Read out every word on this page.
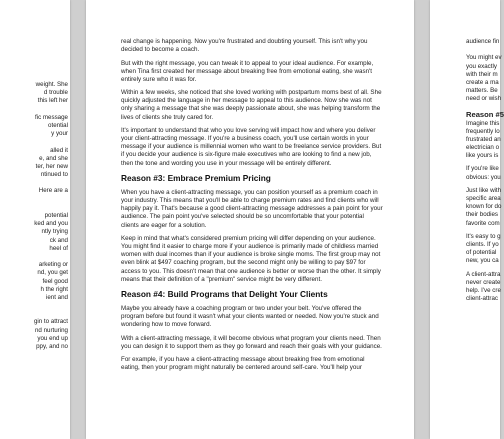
weight. She
d trouble
this left her
fic message
otential
y your
alled it
e, and she
ter, her new
ntinued to
Here are a
potential
ked and you
ntly trying
ck and
heel of
arketing or
nd, you get
feel good
h the right
ient and
gin to attract
nd nurturing
you end up
ppy, and no

real change is happening. Now you're frustrated and doubting yourself. This isn't why you decided to become a coach.

But with the right message, you can tweak it to appeal to your ideal audience. For example, when Tina first created her message about breaking free from emotional eating, she wasn't entirely sure who it was for.

Within a few weeks, she noticed that she loved working with postpartum moms best of all. She quickly adjusted the language in her message to appeal to this audience. Now she was not only sharing a message that she was deeply passionate about, she was helping transform the lives of clients she truly cared for.

It's important to understand that who you love serving will impact how and where you deliver your client-attracting message. If you're a business coach, you'll use certain words in your message if your audience is millennial women who want to be freelance service providers. But if you decide your audience is six-figure male executives who are looking to find a new job, then the tone and wording you use in your message will be entirely different.

Reason #3: Embrace Premium Pricing

When you have a client-attracting message, you can position yourself as a premium coach in your industry. This means that you'll be able to charge premium rates and find clients who will happily pay it. That's because a good client-attracting message addresses a pain point for your audience. The pain point you've selected should be so uncomfortable that your potential clients are eager for a solution.

Keep in mind that what's considered premium pricing will differ depending on your audience. You might find it easier to charge more if your audience is primarily made of childless married women with dual incomes than if your audience is broke single moms. The first group may not even blink at $497 coaching program, but the second might only be willing to pay $97 for access to you. This doesn't mean that one audience is better or worse than the other. It simply means that their definition of a "premium" service might be very different.

Reason #4: Build Programs that Delight Your Clients

Maybe you already have a coaching program or two under your belt. You've offered the program before but found it wasn't what your clients wanted or needed. Now you're stuck and wondering how to move forward.

With a client-attracting message, it will become obvious what program your clients need. Then you can design it to support them as they go forward and reach their goals with your guidance.

For example, if you have a client-attracting message about breaking free from emotional eating, then your program might naturally be centered around self-care. You'll help your

audience fin
You might ev
you exactly
with their m
create a ma
matters. Be
need or wish
Reason #5
Imagine this
frequently lo
frustrated an
electrician o
like yours is
If you're like
obvious: you
Just like with
specific area
known for do
their bodies
favorite com
It's easy to g
clients. If yo
of potential
new, you ca
A client-attra
never create
help. I've cre
client-attrac
